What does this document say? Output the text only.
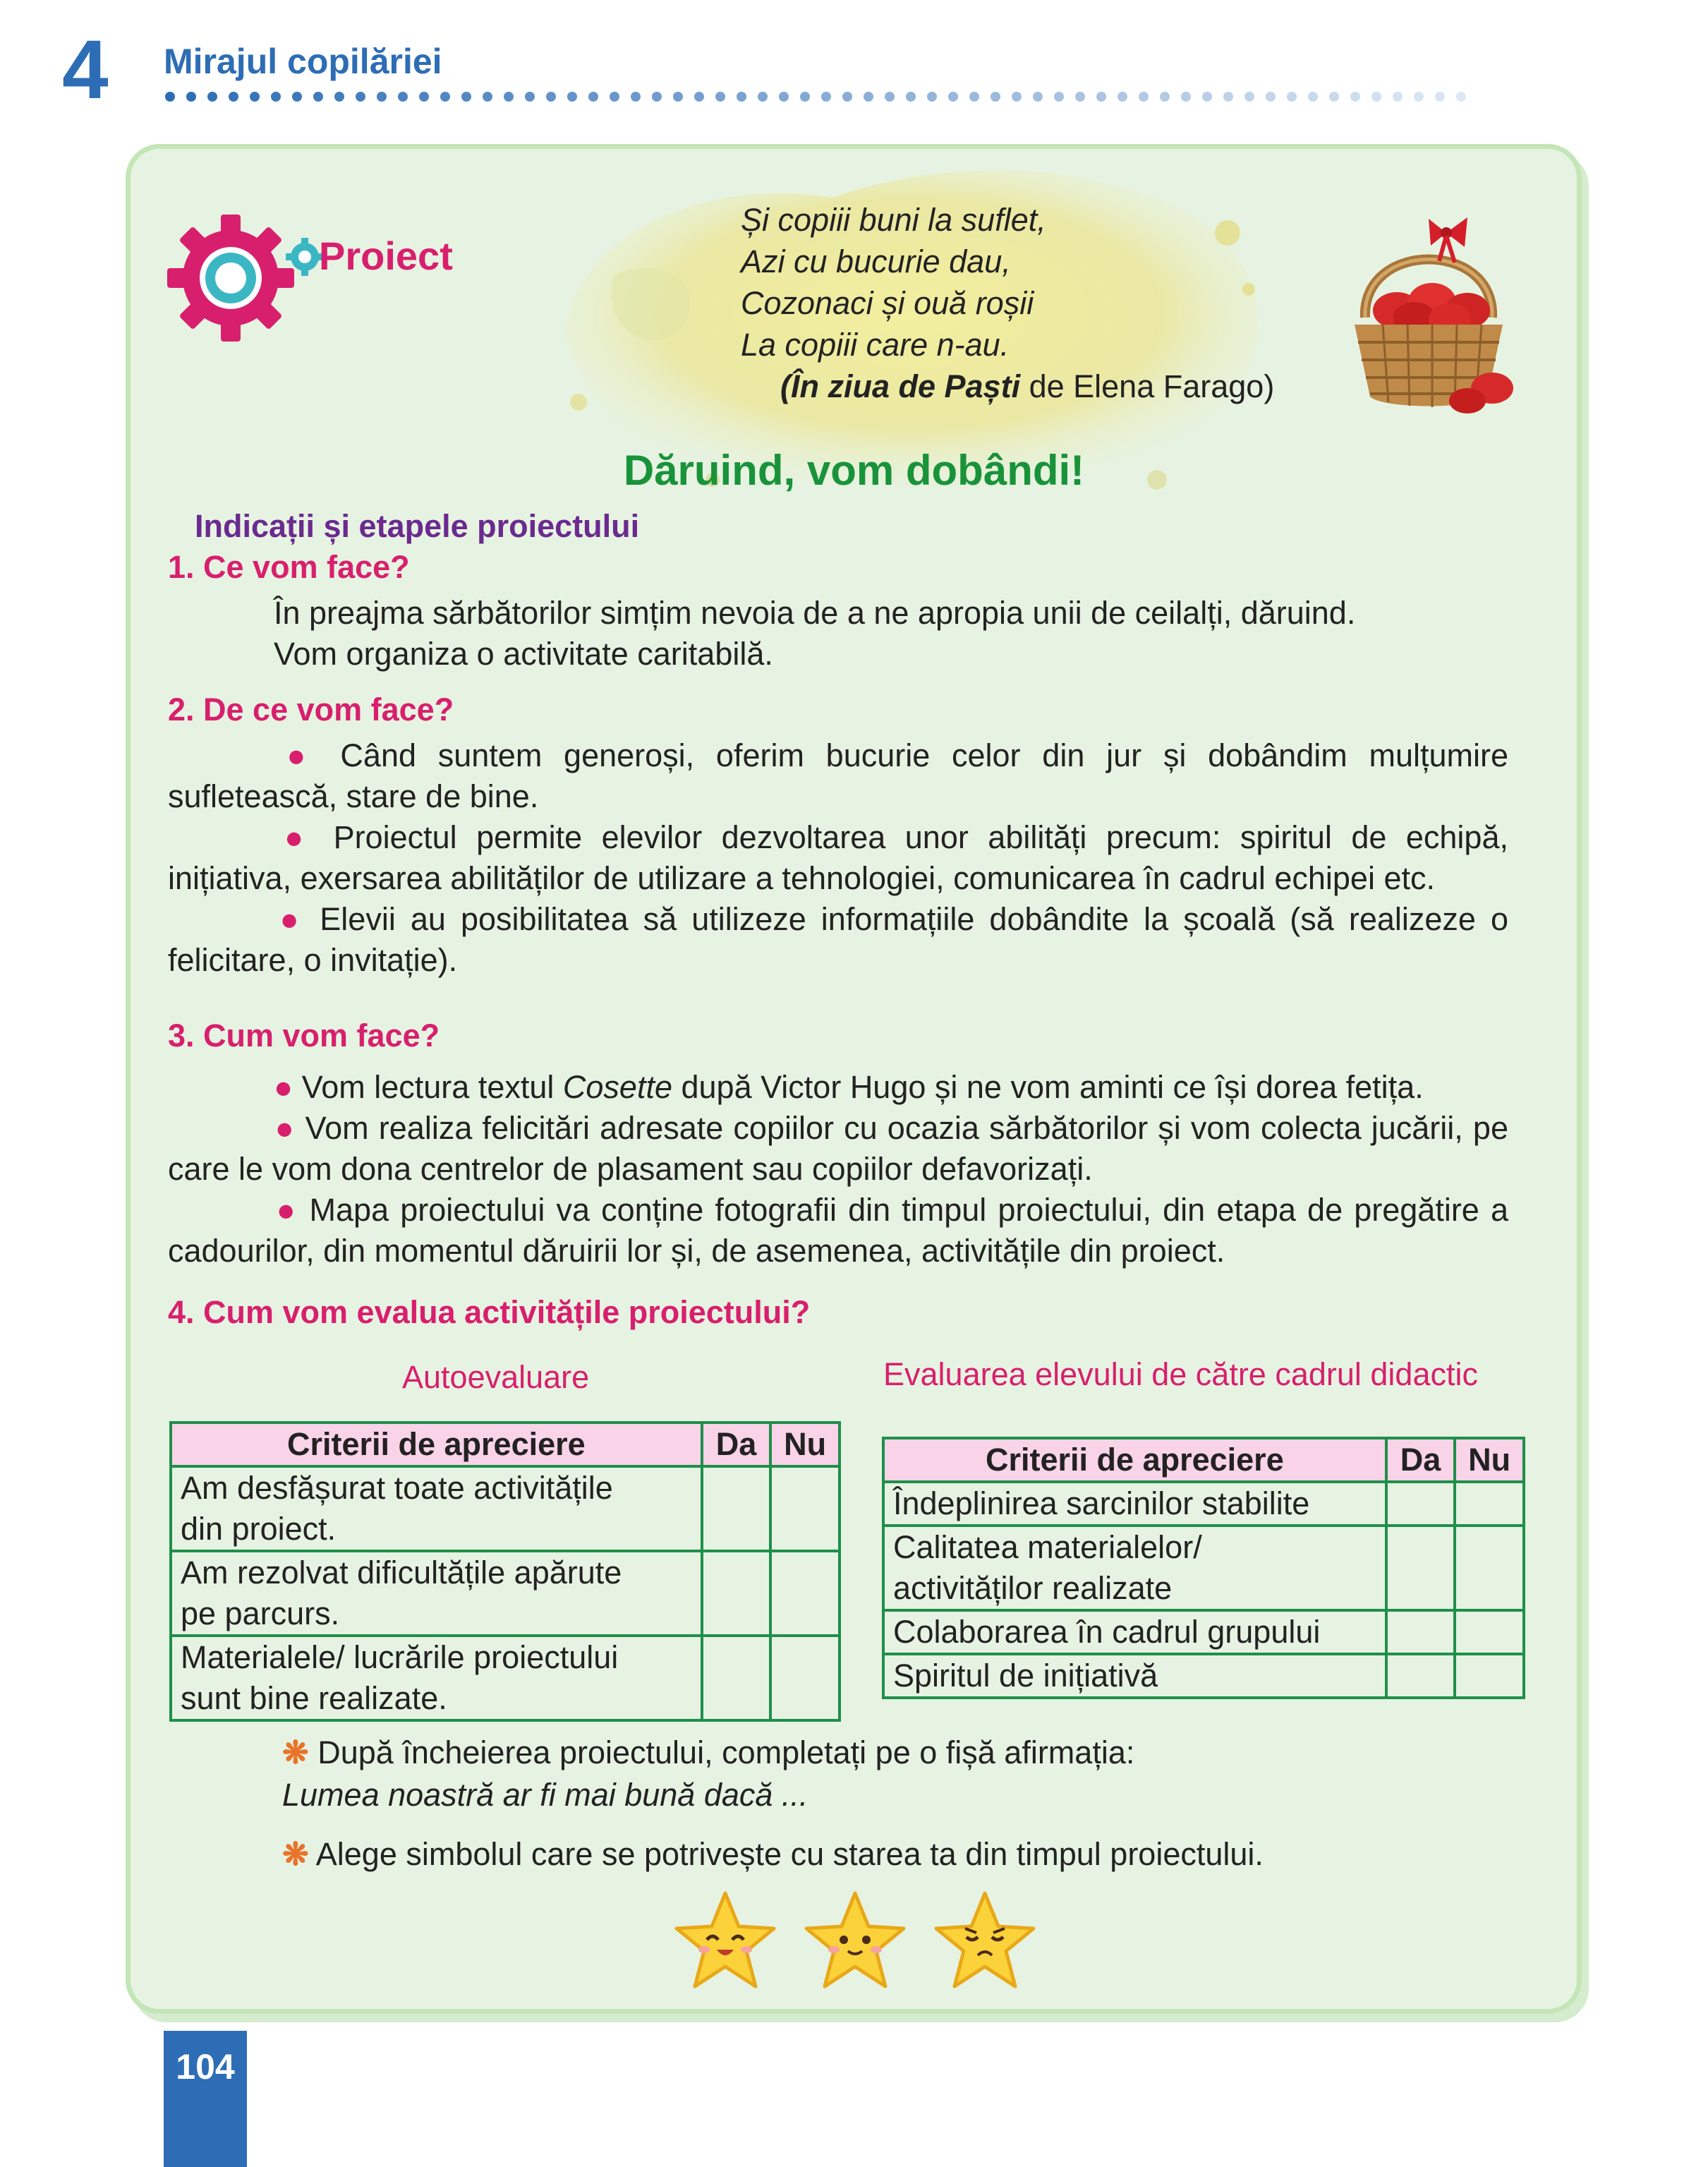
4 Mirajul copilăriei
Proiect
Și copiii buni la suflet,
Azi cu bucurie dau,
Cozonaci și ouă roșii
La copiii care n-au.
(În ziua de Paști de Elena Farago)
Dăruind, vom dobândi!
Indicații și etapele proiectului
1. Ce vom face?
În preajma sărbătorilor simțim nevoia de a ne apropia unii de ceilalți, dăruind.
Vom organiza o activitate caritabilă.
2. De ce vom face?

● Când suntem generoși, oferim bucurie celor din jur și dobândim mulțumire sufletească, stare de bine.

● Proiectul permite elevilor dezvoltarea unor abilități precum: spiritul de echipă, inițiativa, exersarea abilităților de utilizare a tehnologiei, comunicarea în cadrul echipei etc.

● Elevii au posibilitatea să utilizeze informațiile dobândite la școală (să realizeze o felicitare, o invitație).

3. Cum vom face?

● Vom lectura textul Cosette după Victor Hugo și ne vom aminti ce își dorea fetița.

● Vom realiza felicitări adresate copiilor cu ocazia sărbătorilor și vom colecta jucării, pe care le vom dona centrelor de plasament sau copiilor defavorizați.

● Mapa proiectului va conține fotografii din timpul proiectului, din etapa de pregătire a cadourilor, din momentul dăruirii lor și, de asemenea, activitățile din proiect.

4. Cum vom evalua activitățile proiectului?
Autoevaluare
Criterii de apreciere	Da	Nu

Am desfășurat toate activitățile
din proiect.		

Am rezolvat dificultățile apărute
pe parcurs.		

Materialele/ lucrările proiectului
sunt bine realizate.		

Evaluarea elevului de către cadrul didactic
Criterii de apreciere	Da	Nu
Îndeplinirea sarcinilor stabilite		

Calitatea materialelor/
activităților realizate		

Colaborarea în cadrul grupului		
Spiritul de inițiativă		
❋ După încheierea proiectului, completați pe o fișă afirmația:
Lumea noastră ar fi mai bună dacă ...
❋ Alege simbolul care se potrivește cu starea ta din timpul proiectului.
104
